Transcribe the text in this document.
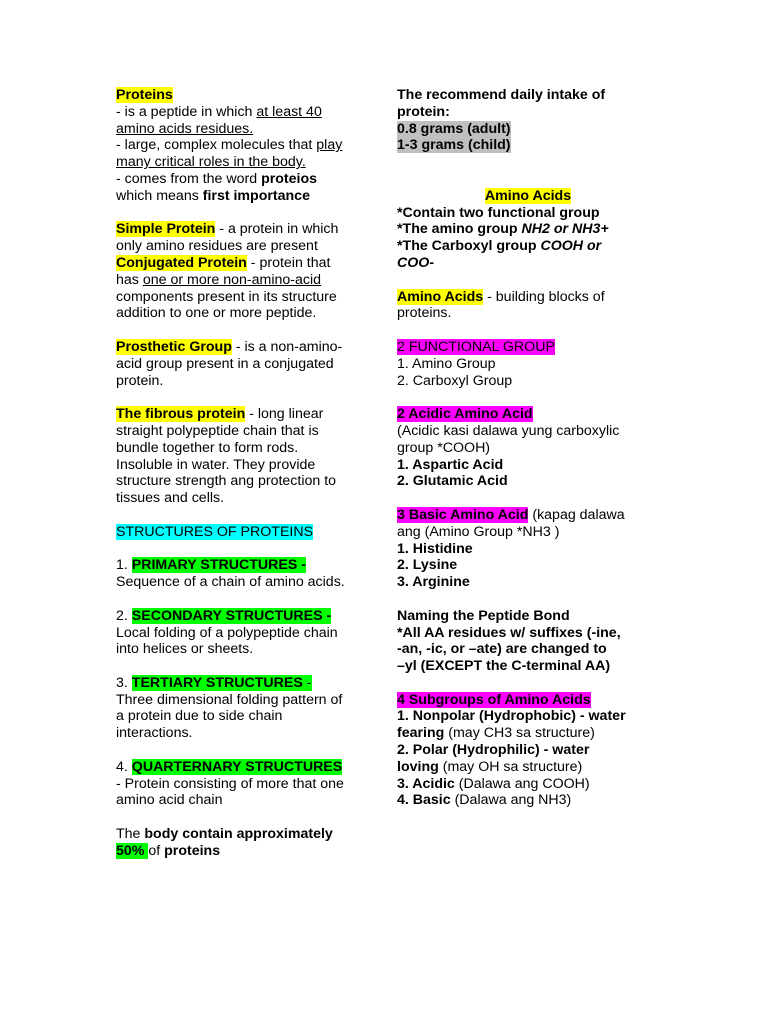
Proteins

- is a peptide in which at least 40

amino acids residues.

- large, complex molecules that play

many critical roles in the body.

- comes from the word proteios

which means first importance

Simple Protein - a protein in which

only amino residues are present

Conjugated Protein - protein that

has one or more non-amino-acid

components present in its structure

addition to one or more peptide.

Prosthetic Group - is a non-amino-

acid group present in a conjugated

protein.

The fibrous protein - long linear

straight polypeptide chain that is

bundle together to form rods.

Insoluble in water. They provide

structure strength ang protection to

tissues and cells.

STRUCTURES OF PROTEINS

1. PRIMARY STRUCTURES -

Sequence of a chain of amino acids.

2. SECONDARY STRUCTURES -

Local folding of a polypeptide chain

into helices or sheets.

3. TERTIARY STRUCTURES -

Three dimensional folding pattern of

a protein due to side chain

interactions.

4. QUARTERNARY STRUCTURES

- Protein consisting of more that one

amino acid chain

The body contain approximately

50% of proteins

The recommend daily intake of

protein:

0.8 grams (adult)

1-3 grams (child)

Amino Acids

*Contain two functional group

*The amino group NH2 or NH3+

*The Carboxyl group COOH or

COO-

Amino Acids - building blocks of

proteins.

2 FUNCTIONAL GROUP

1. Amino Group

2. Carboxyl Group

2 Acidic Amino Acid

(Acidic kasi dalawa yung carboxylic

group *COOH)

1. Aspartic Acid

2. Glutamic Acid

3 Basic Amino Acid (kapag dalawa

ang (Amino Group *NH3 )

1. Histidine

2. Lysine

3. Arginine

Naming the Peptide Bond

*All AA residues w/ suffixes (-ine,

-an, -ic, or –ate) are changed to

–yl (EXCEPT the C-terminal AA)

4 Subgroups of Amino Acids

1. Nonpolar (Hydrophobic) - water

fearing (may CH3 sa structure)

2. Polar (Hydrophilic) - water

loving (may OH sa structure)

3. Acidic (Dalawa ang COOH)

4. Basic (Dalawa ang NH3)
